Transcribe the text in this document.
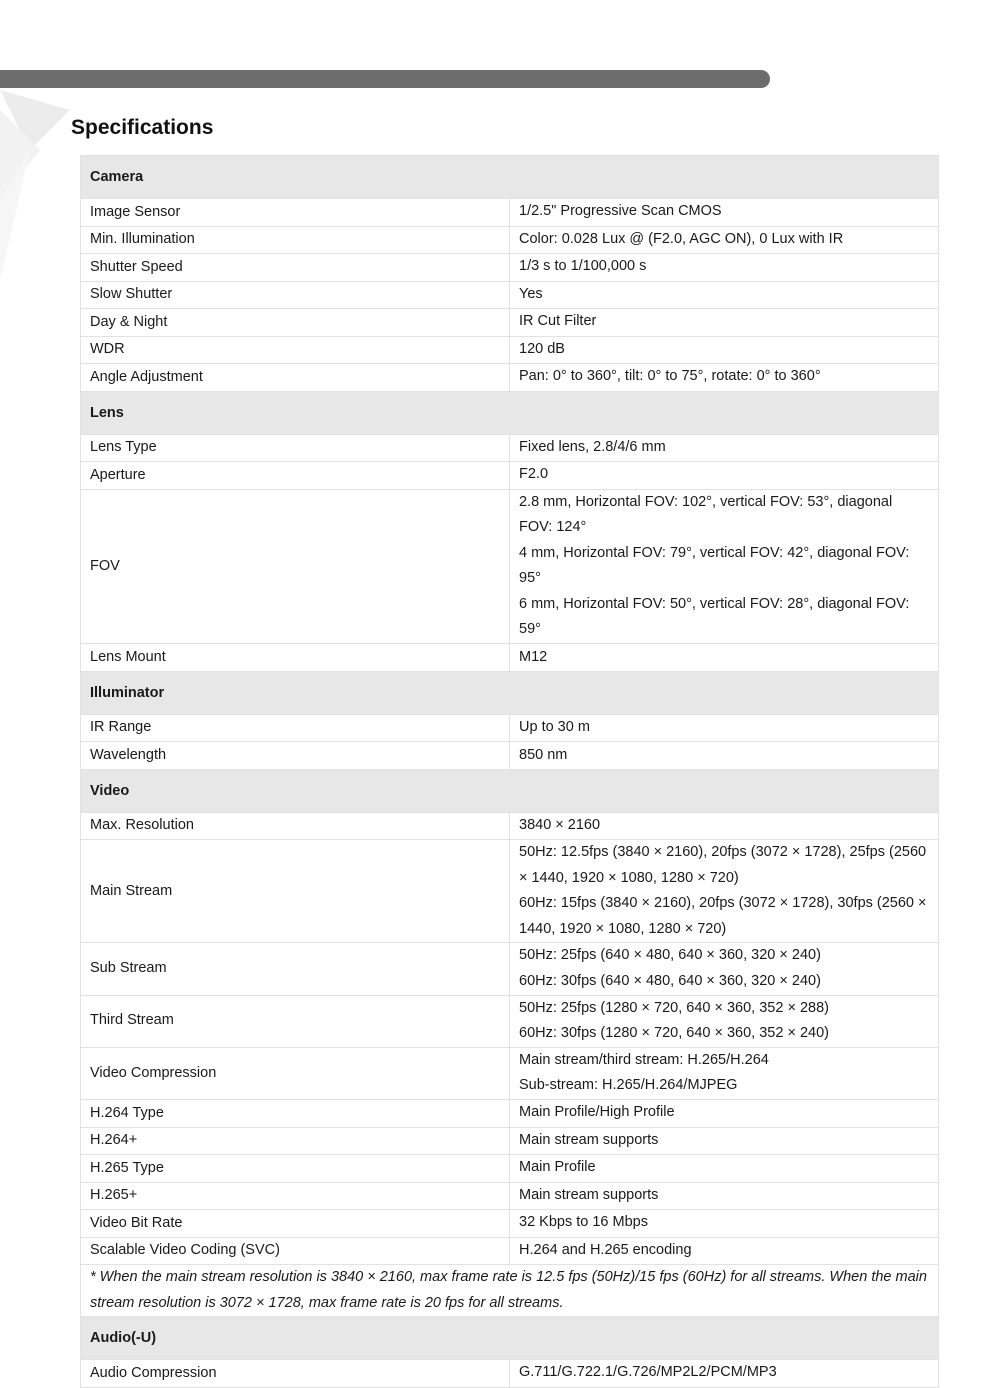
Specifications
Camera	
Image Sensor	1/2.5" Progressive Scan CMOS

Min. Illumination	Color: 0.028 Lux @ (F2.0, AGC ON), 0 Lux with IR

Shutter Speed	1/3 s to 1/100,000 s

Slow Shutter	Yes

Day & Night	IR Cut Filter

WDR	120 dB

Angle Adjustment	Pan: 0° to 360°, tilt: 0° to 75°, rotate: 0° to 360°

Lens	
Lens Type	Fixed lens, 2.8/4/6 mm

Aperture	F2.0

FOV	2.8 mm, Horizontal FOV: 102°, vertical FOV: 53°, diagonal FOV: 124°
4 mm, Horizontal FOV: 79°, vertical FOV: 42°, diagonal FOV: 95°
6 mm, Horizontal FOV: 50°, vertical FOV: 28°, diagonal FOV: 59°

Lens Mount	M12

Illuminator	
IR Range	Up to 30 m

Wavelength	850 nm

Video	
Max. Resolution	3840 × 2160

Main Stream	50Hz: 12.5fps (3840 × 2160), 20fps (3072 × 1728), 25fps (2560 × 1440, 1920 × 1080, 1280 × 720)
60Hz: 15fps (3840 × 2160), 20fps (3072 × 1728), 30fps (2560 × 1440, 1920 × 1080, 1280 × 720)

Sub Stream	50Hz: 25fps (640 × 480, 640 × 360, 320 × 240)
60Hz: 30fps (640 × 480, 640 × 360, 320 × 240)

Third Stream	50Hz: 25fps (1280 × 720, 640 × 360, 352 × 288)
60Hz: 30fps (1280 × 720, 640 × 360, 352 × 240)

Video Compression	Main stream/third stream: H.265/H.264
Sub-stream: H.265/H.264/MJPEG

H.264 Type	Main Profile/High Profile

H.264+	Main stream supports

H.265 Type	Main Profile

H.265+	Main stream supports

Video Bit Rate	32 Kbps to 16 Mbps

Scalable Video Coding (SVC)	H.264 and H.265 encoding

* When the main stream resolution is 3840 × 2160, max frame rate is 12.5 fps (50Hz)/15 fps (60Hz) for all streams. When the main stream resolution is 3072 × 1728, max frame rate is 20 fps for all streams.	
Audio(-U)	
Audio Compression	G.711/G.722.1/G.726/MP2L2/PCM/MP3
